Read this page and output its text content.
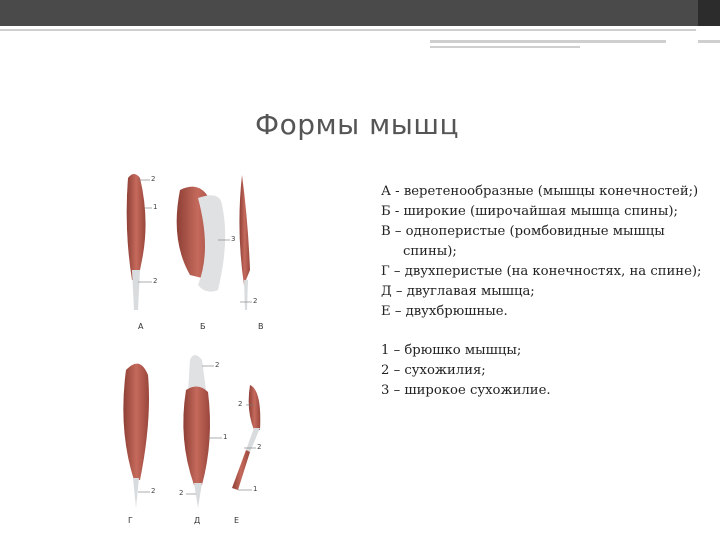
Формы мышц

А - веретенообразные (мышцы конечностей;)

Б - широкие (широчайшая мышца спины);

В – одноперистые (ромбовидные мышцы спины);

Г – двухперистые (на конечностях, на спине);

Д – двуглавая мышца;

Е – двухбрюшные.

1 – брюшко мышцы;

2 – сухожилия;

3 – широкое сухожилие.

А	Б	В
Г	Д	Е
2
1
2
3
2
2
2
1
2
2
2
1
